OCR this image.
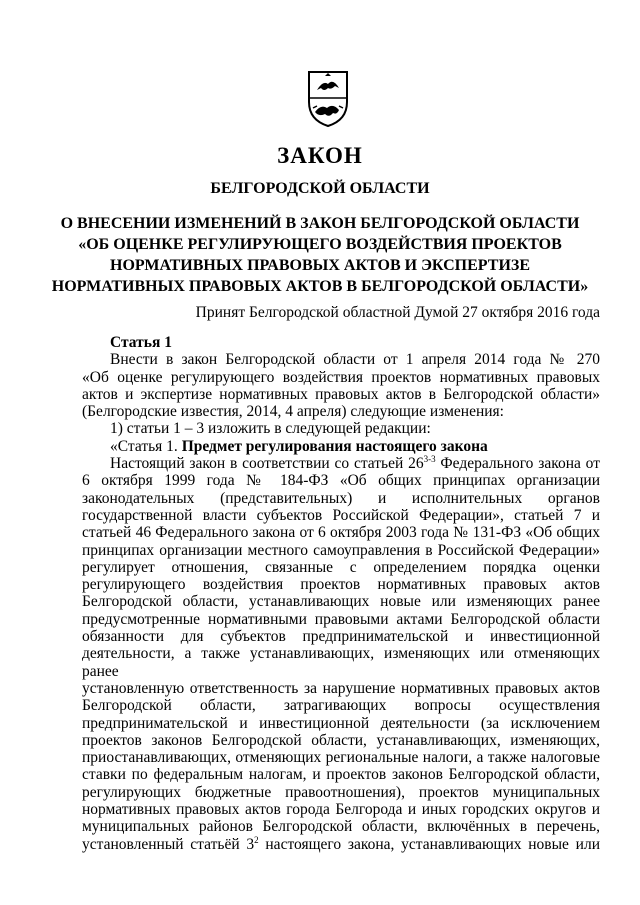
ЗАКОН
БЕЛГОРОДСКОЙ ОБЛАСТИ
О ВНЕСЕНИИ ИЗМЕНЕНИЙ В ЗАКОН БЕЛГОРОДСКОЙ ОБЛАСТИ
«ОБ ОЦЕНКЕ РЕГУЛИРУЮЩЕГО ВОЗДЕЙСТВИЯ ПРОЕКТОВ
НОРМАТИВНЫХ ПРАВОВЫХ АКТОВ И ЭКСПЕРТИЗЕ
НОРМАТИВНЫХ ПРАВОВЫХ АКТОВ В БЕЛГОРОДСКОЙ ОБЛАСТИ»

Принят Белгородской областной Думой 27 октября 2016 года

Статья 1

Внести в закон Белгородской области от 1 апреля 2014 года № 270

«Об оценке регулирующего воздействия проектов нормативных правовых

актов и экспертизе нормативных правовых актов в Белгородской области»

(Белгородские известия, 2014, 4 апреля) следующие изменения:

1) статьи 1 – 3 изложить в следующей редакции:

«Статья 1. Предмет регулирования настоящего закона

Настоящий закон в соответствии со статьей 26$^{3-3}$ Федерального закона от

6 октября 1999 года № 184-ФЗ «Об общих принципах организации

законодательных (представительных) и исполнительных органов

государственной власти субъектов Российской Федерации», статьей 7 и

статьей 46 Федерального закона от 6 октября 2003 года № 131-ФЗ «Об общих

принципах организации местного самоуправления в Российской Федерации»

регулирует отношения, связанные с определением порядка оценки

регулирующего воздействия проектов нормативных правовых актов

Белгородской области, устанавливающих новые или изменяющих ранее

предусмотренные нормативными правовыми актами Белгородской области

обязанности для субъектов предпринимательской и инвестиционной

деятельности, а также устанавливающих, изменяющих или отменяющих ранее

установленную ответственность за нарушение нормативных правовых актов

Белгородской области, затрагивающих вопросы осуществления

предпринимательской и инвестиционной деятельности (за исключением

проектов законов Белгородской области, устанавливающих, изменяющих,

приостанавливающих, отменяющих региональные налоги, а также налоговые

ставки по федеральным налогам, и проектов законов Белгородской области,

регулирующих бюджетные правоотношения), проектов муниципальных

нормативных правовых актов города Белгорода и иных городских округов и

муниципальных районов Белгородской области, включённых в перечень,

установленный статьёй $3^2$ настоящего закона, устанавливающих новые или
